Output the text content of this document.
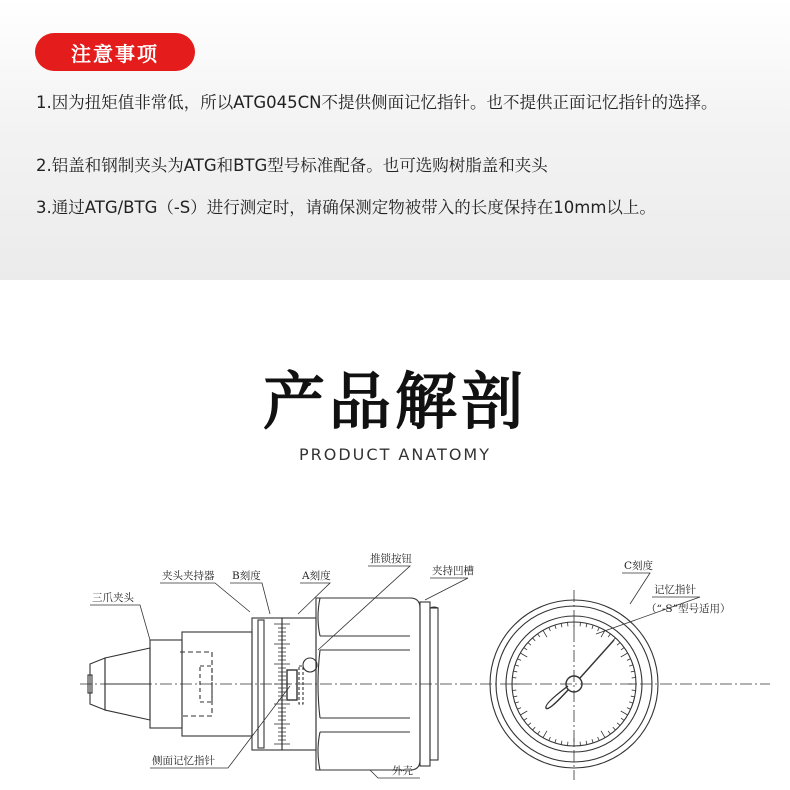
注意事项
1.因为扭矩值非常低，所以ATG045CN不提供侧面记忆指针。也不提供正面记忆指针的选择。
2.铝盖和钢制夹头为ATG和BTG型号标准配备。也可选购树脂盖和夹头
3.通过ATG/BTG（-S）进行测定时，请确保测定物被带入的长度保持在10mm以上。
产品解剖
PRODUCT ANATOMY
三爪夹头
夹头夹持器 B刻度	A刻度
推锁按钮
夹持凹槽	C刻度
记忆指针
（“-S”型号适用）
侧面记忆指针
外壳
